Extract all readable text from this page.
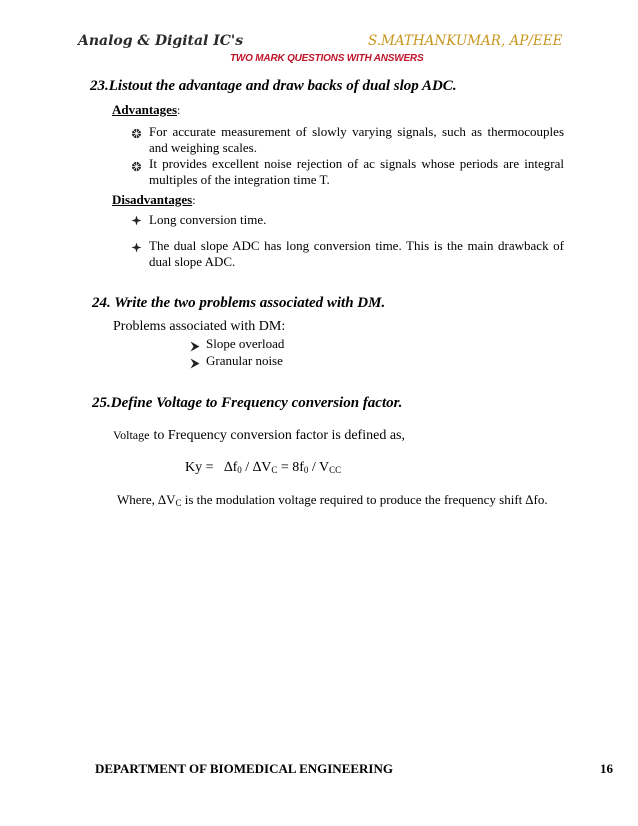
Analog & Digital IC's	S.MATHANKUMAR, AP/EEE
TWO MARK QUESTIONS WITH ANSWERS
23.Listout the advantage and draw backs of dual slop ADC.
Advantages:
For accurate measurement of slowly varying signals, such as thermocouples and weighing scales.
It provides excellent noise rejection of ac signals whose periods are integral multiples of the integration time T.
Disadvantages:
Long conversion time.
The dual slope ADC has long conversion time. This is the main drawback of dual slope ADC.
24. Write the two problems associated with DM.
Problems associated with DM:
Slope overload
Granular noise
25.Define Voltage to Frequency conversion factor.
Voltage to Frequency conversion factor is defined as,
$Ky = \Delta f_0 / \Delta V_C = 8f_0 / V_{CC}$
Where, $\Delta V_C$ is the modulation voltage required to produce the frequency shift ∆fo.
DEPARTMENT OF BIOMEDICAL ENGINEERING	16
